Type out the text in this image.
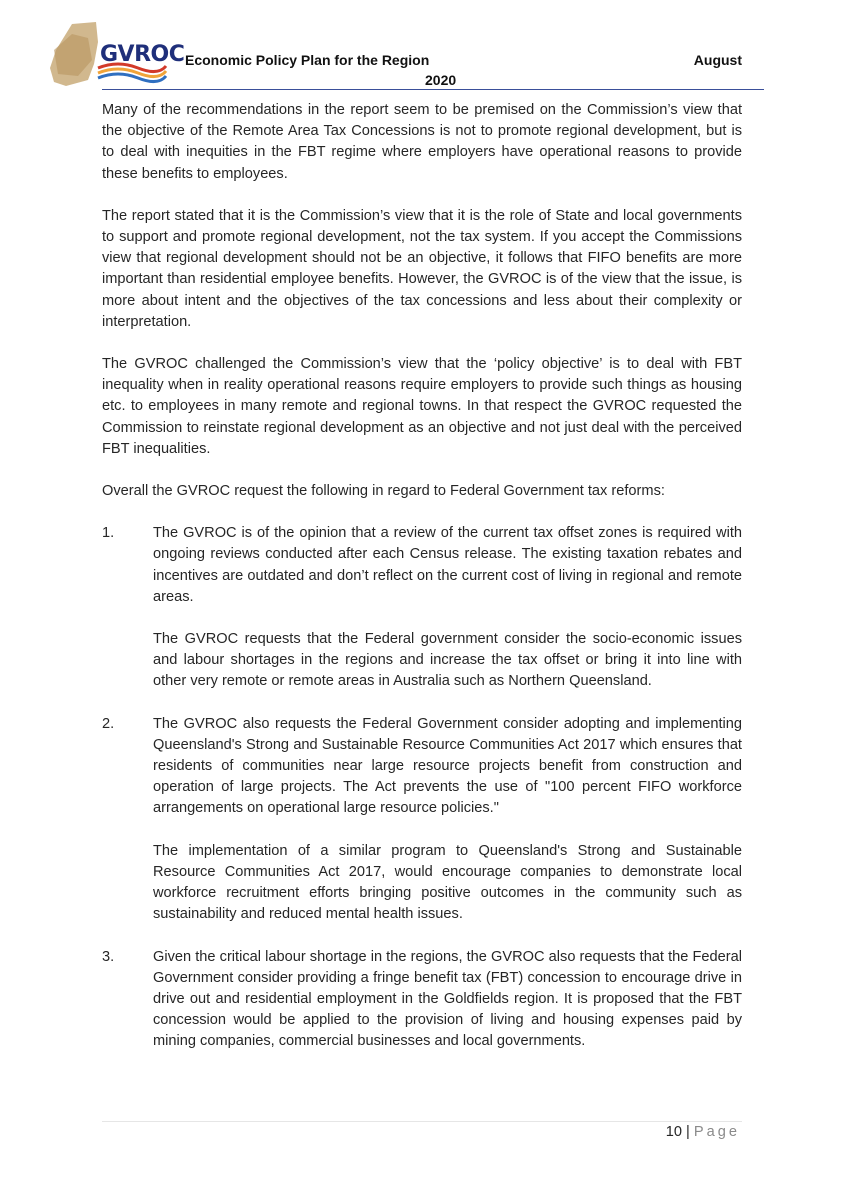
GVROC Economic Policy Plan for the Region	August
2020

Many of the recommendations in the report seem to be premised on the Commission’s view that the objective of the Remote Area Tax Concessions is not to promote regional development, but is to deal with inequities in the FBT regime where employers have operational reasons to provide these benefits to employees.

The report stated that it is the Commission’s view that it is the role of State and local governments to support and promote regional development, not the tax system. If you accept the Commissions view that regional development should not be an objective, it follows that FIFO benefits are more important than residential employee benefits. However, the GVROC is of the view that the issue, is more about intent and the objectives of the tax concessions and less about their complexity or interpretation.

The GVROC challenged the Commission’s view that the ‘policy objective’ is to deal with FBT inequality when in reality operational reasons require employers to provide such things as housing etc. to employees in many remote and regional towns. In that respect the GVROC requested the Commission to reinstate regional development as an objective and not just deal with the perceived FBT inequalities.

Overall the GVROC request the following in regard to Federal Government tax reforms:

1.	The GVROC is of the opinion that a review of the current tax offset zones is required with ongoing reviews conducted after each Census release. The existing taxation rebates and incentives are outdated and don’t reflect on the current cost of living in regional and remote areas.

The GVROC requests that the Federal government consider the socio-economic issues and labour shortages in the regions and increase the tax offset or bring it into line with other very remote or remote areas in Australia such as Northern Queensland.

2.	The GVROC also requests the Federal Government consider adopting and implementing Queensland's Strong and Sustainable Resource Communities Act 2017 which ensures that residents of communities near large resource projects benefit from construction and operation of large projects. The Act prevents the use of "100 percent FIFO workforce arrangements on operational large resource policies."

The implementation of a similar program to Queensland's Strong and Sustainable Resource Communities Act 2017, would encourage companies to demonstrate local workforce recruitment efforts bringing positive outcomes in the community such as sustainability and reduced mental health issues.

3.	Given the critical labour shortage in the regions, the GVROC also requests that the Federal Government consider providing a fringe benefit tax (FBT) concession to encourage drive in drive out and residential employment in the Goldfields region. It is proposed that the FBT concession would be applied to the provision of living and housing expenses paid by mining companies, commercial businesses and local governments.

10 | Page
